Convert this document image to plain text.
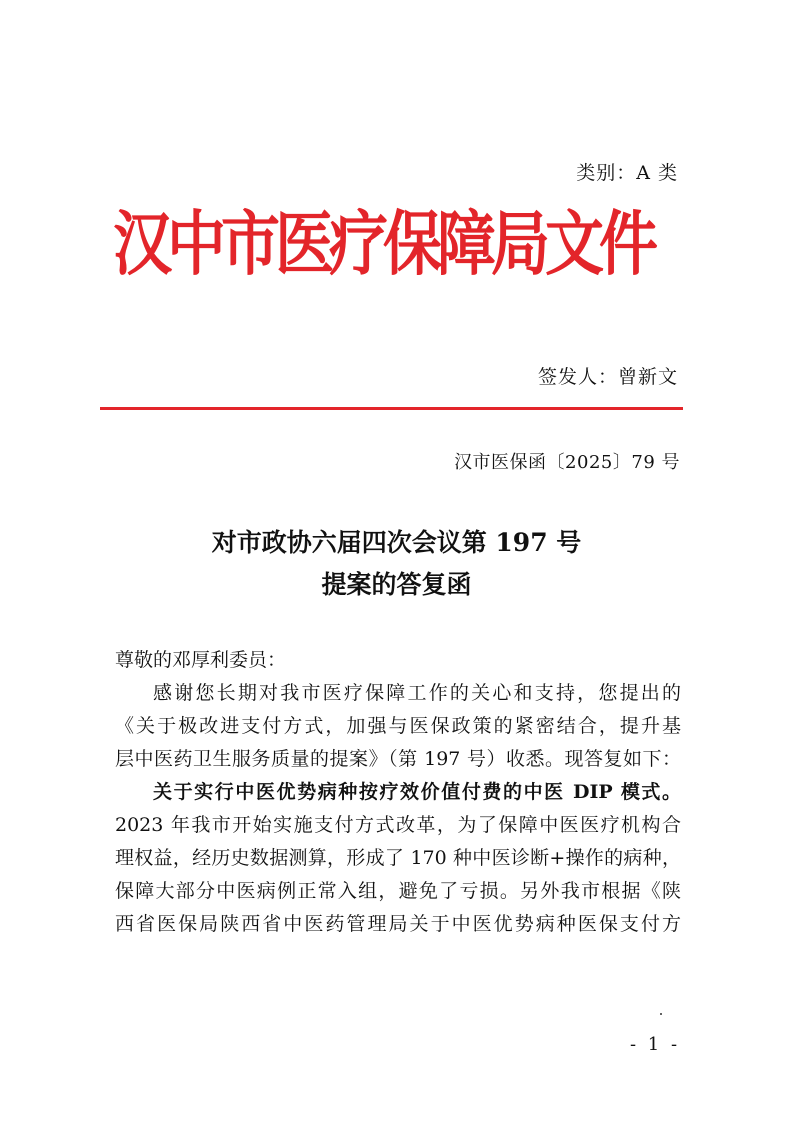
类别：A 类
汉中市医疗保障局文件
签发人：曾新文
汉市医保函〔2025〕79 号
对市政协六届四次会议第 197 号
提案的答复函
尊敬的邓厚利委员：
感谢您长期对我市医疗保障工作的关心和支持，您提出的
《关于极改进支付方式，加强与医保政策的紧密结合，提升基
层中医药卫生服务质量的提案》（第 197 号）收悉。现答复如下：
关于实行中医优势病种按疗效价值付费的中医 DIP 模式。
2023 年我市开始实施支付方式改革，为了保障中医医疗机构合
理权益，经历史数据测算，形成了 170 种中医诊断+操作的病种，
保障大部分中医病例正常入组，避免了亏损。另外我市根据《陕
西省医保局陕西省中医药管理局关于中医优势病种医保支付方
- 1 -
